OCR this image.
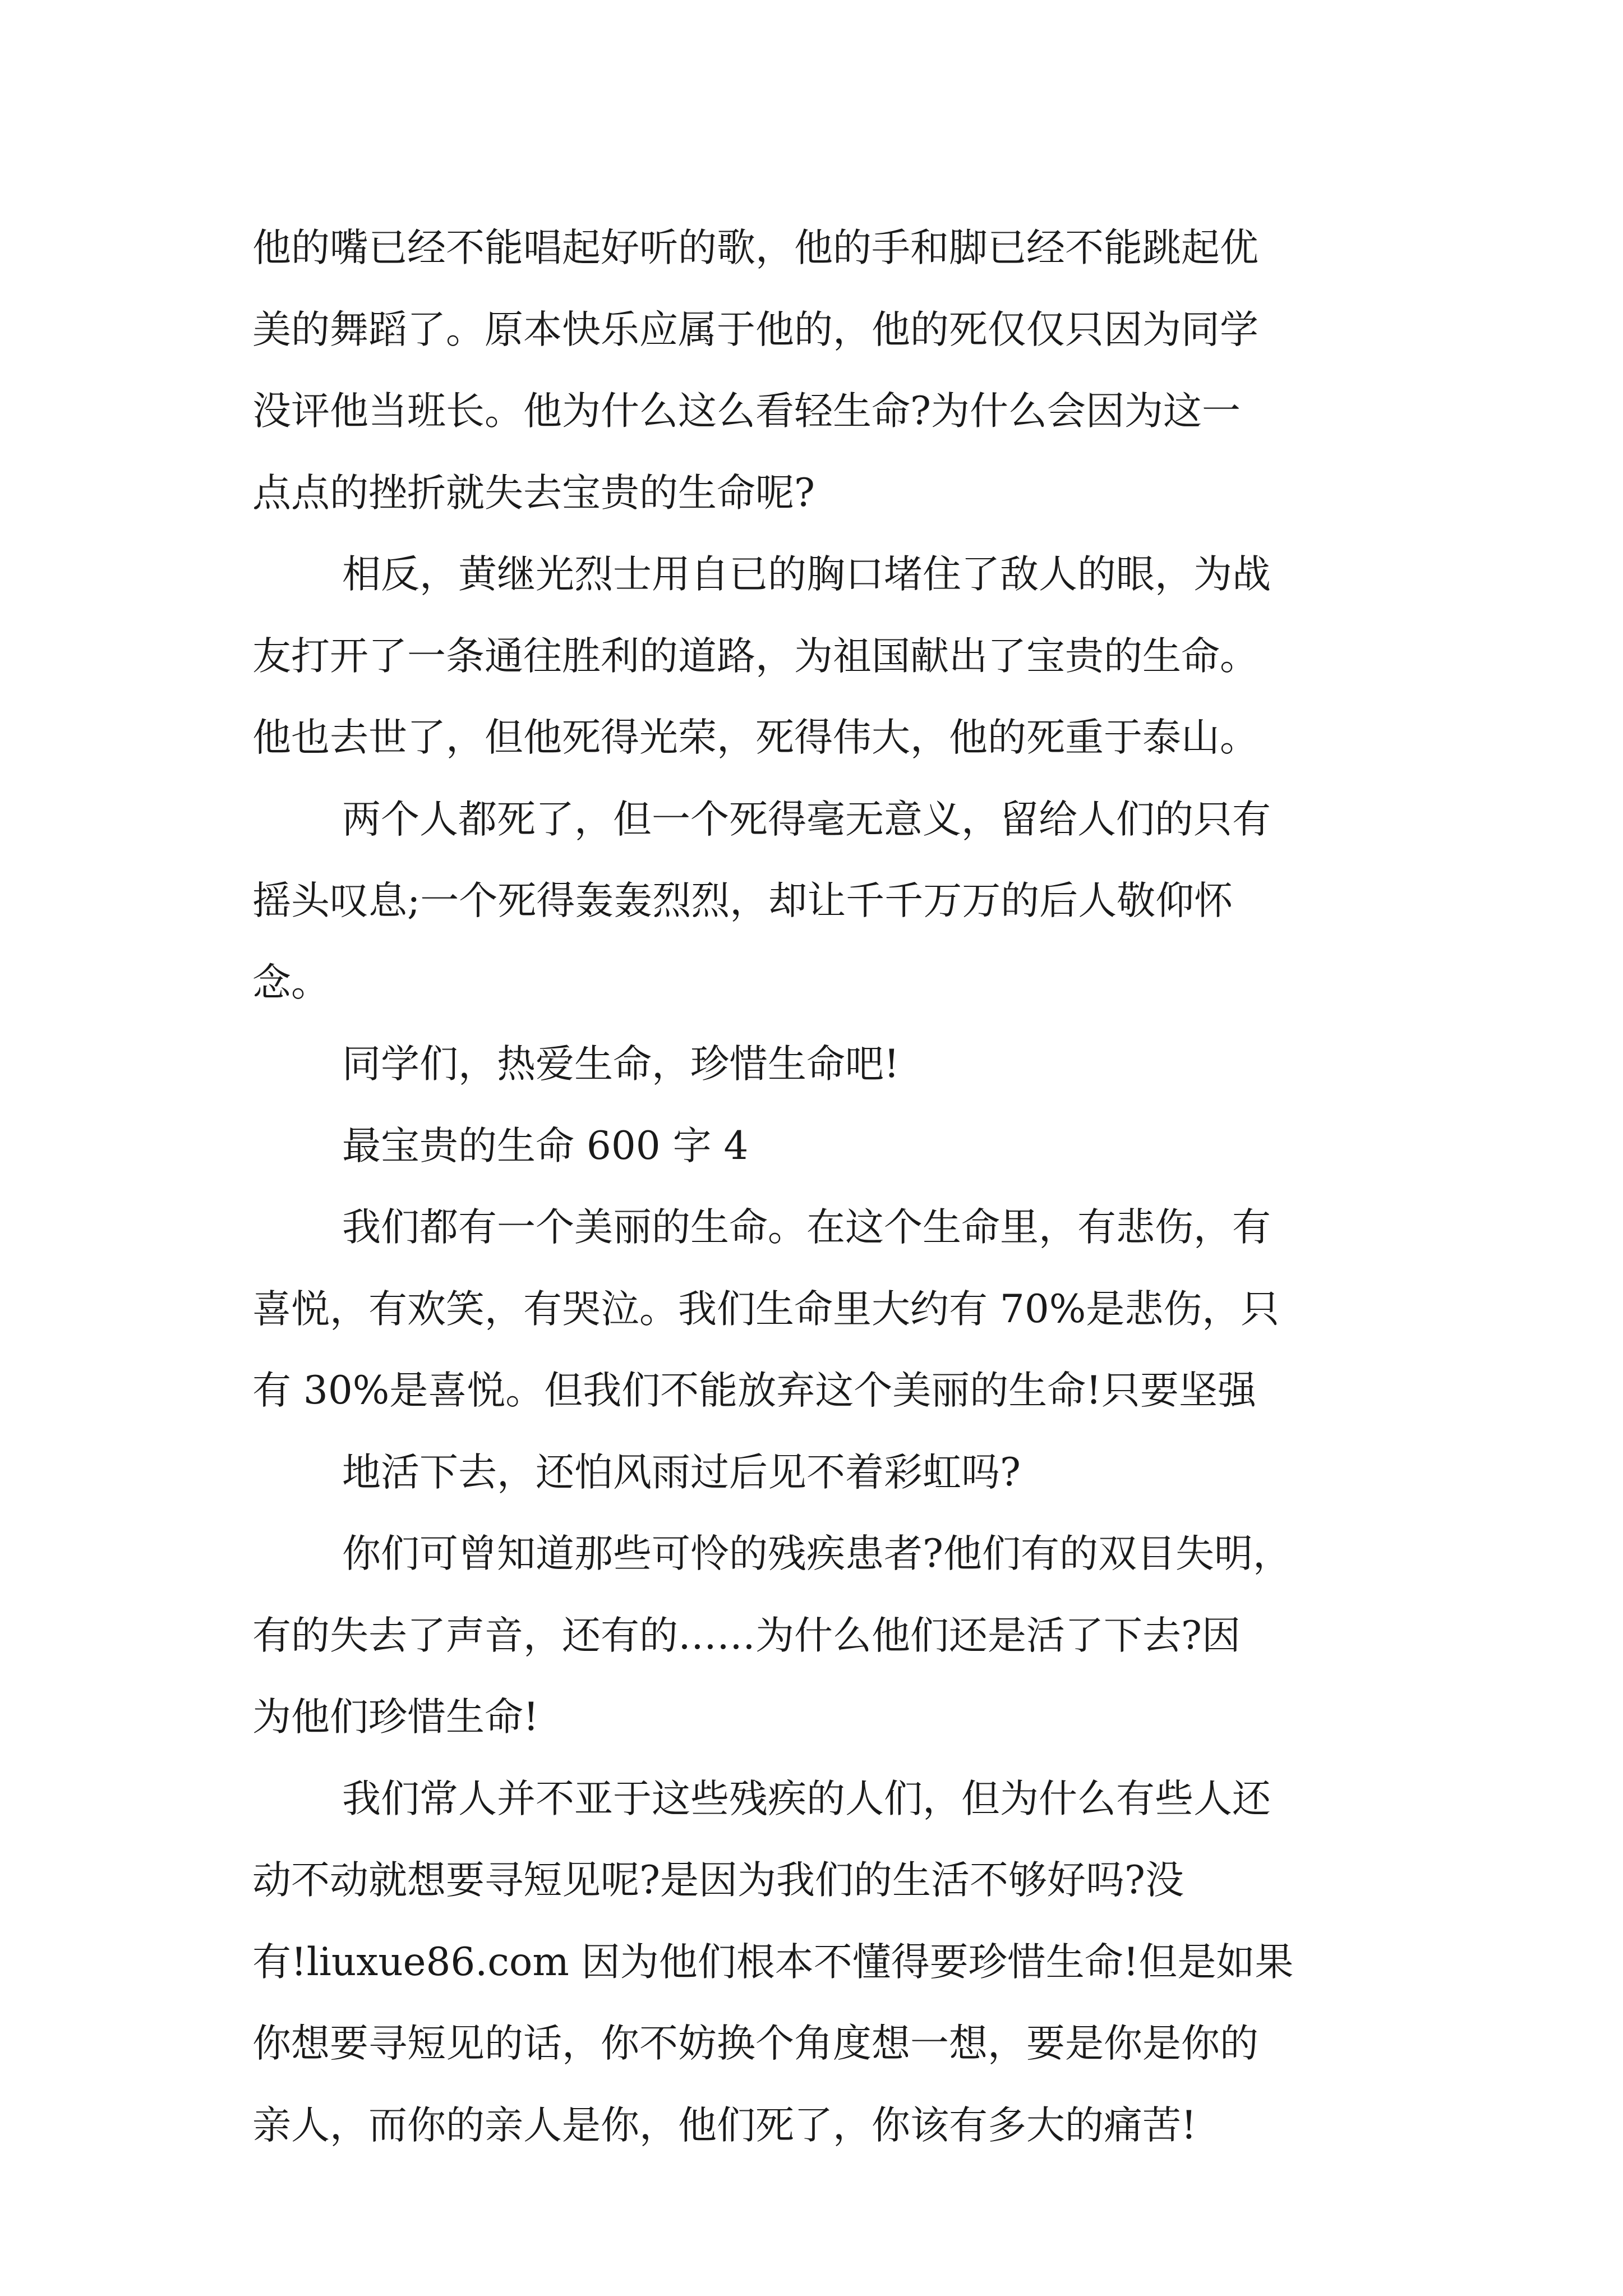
他的嘴已经不能唱起好听的歌，他的手和脚已经不能跳起优
美的舞蹈了。原本快乐应属于他的，他的死仅仅只因为同学
没评他当班长。他为什么这么看轻生命?为什么会因为这一
点点的挫折就失去宝贵的生命呢?
相反，黄继光烈士用自已的胸口堵住了敌人的眼，为战
友打开了一条通往胜利的道路，为祖国献出了宝贵的生命。
他也去世了，但他死得光荣，死得伟大，他的死重于泰山。
两个人都死了，但一个死得毫无意义，留给人们的只有
摇头叹息;一个死得轰轰烈烈，却让千千万万的后人敬仰怀
念。
同学们，热爱生命，珍惜生命吧!
最宝贵的生命 600 字 4
我们都有一个美丽的生命。在这个生命里，有悲伤，有
喜悦，有欢笑，有哭泣。我们生命里大约有 70%是悲伤，只
有 30%是喜悦。但我们不能放弃这个美丽的生命!只要坚强
地活下去，还怕风雨过后见不着彩虹吗?
你们可曾知道那些可怜的残疾患者?他们有的双目失明，
有的失去了声音，还有的……为什么他们还是活了下去?因
为他们珍惜生命!
我们常人并不亚于这些残疾的人们，但为什么有些人还
动不动就想要寻短见呢?是因为我们的生活不够好吗?没
有!liuxue86.com 因为他们根本不懂得要珍惜生命!但是如果
你想要寻短见的话，你不妨换个角度想一想，要是你是你的
亲人，而你的亲人是你，他们死了，你该有多大的痛苦!
